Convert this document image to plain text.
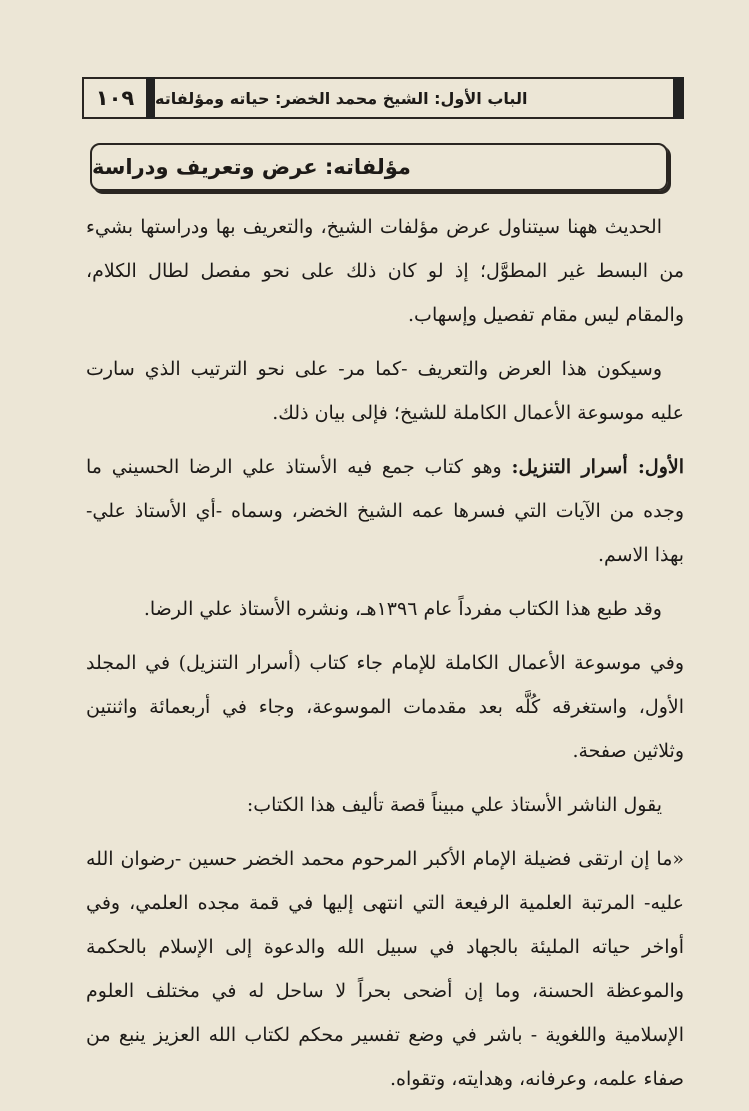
١٠٩	الباب الأول: الشيخ محمد الخضر: حياته ومؤلفاته
مؤلفاته: عرض وتعريف ودراسة

الحديث ههنا سيتناول عرض مؤلفات الشيخ، والتعريف بها ودراستها بشيء من البسط غير المطوَّل؛ إذ لو كان ذلك على نحو مفصل لطال الكلام، والمقام ليس مقام تفصيل وإسهاب.

وسيكون هذا العرض والتعريف -كما مر- على نحو الترتيب الذي سارت عليه موسوعة الأعمال الكاملة للشيخ؛ فإلى بيان ذلك.

الأول: أسرار التنزيل: وهو كتاب جمع فيه الأستاذ علي الرضا الحسيني ما وجده من الآيات التي فسرها عمه الشيخ الخضر، وسماه -أي الأستاذ علي- بهذا الاسم.

وقد طبع هذا الكتاب مفرداً عام ١٣٩٦هـ، ونشره الأستاذ علي الرضا.

وفي موسوعة الأعمال الكاملة للإمام جاء كتاب (أسرار التنزيل) في المجلد الأول، واستغرقه كُلَّه بعد مقدمات الموسوعة، وجاء في أربعمائة واثنتين وثلاثين صفحة.

يقول الناشر الأستاذ علي مبيناً قصة تأليف هذا الكتاب:

«ما إن ارتقى فضيلة الإمام الأكبر المرحوم محمد الخضر حسين -رضوان الله عليه- المرتبة العلمية الرفيعة التي انتهى إليها في قمة مجده العلمي، وفي أواخر حياته المليئة بالجهاد في سبيل الله والدعوة إلى الإسلام بالحكمة والموعظة الحسنة، وما إن أضحى بحراً لا ساحل له في مختلف العلوم الإسلامية واللغوية - باشر في وضع تفسير محكم لكتاب الله العزيز ينبع من صفاء علمه، وعرفانه، وهدايته، وتقواه.
